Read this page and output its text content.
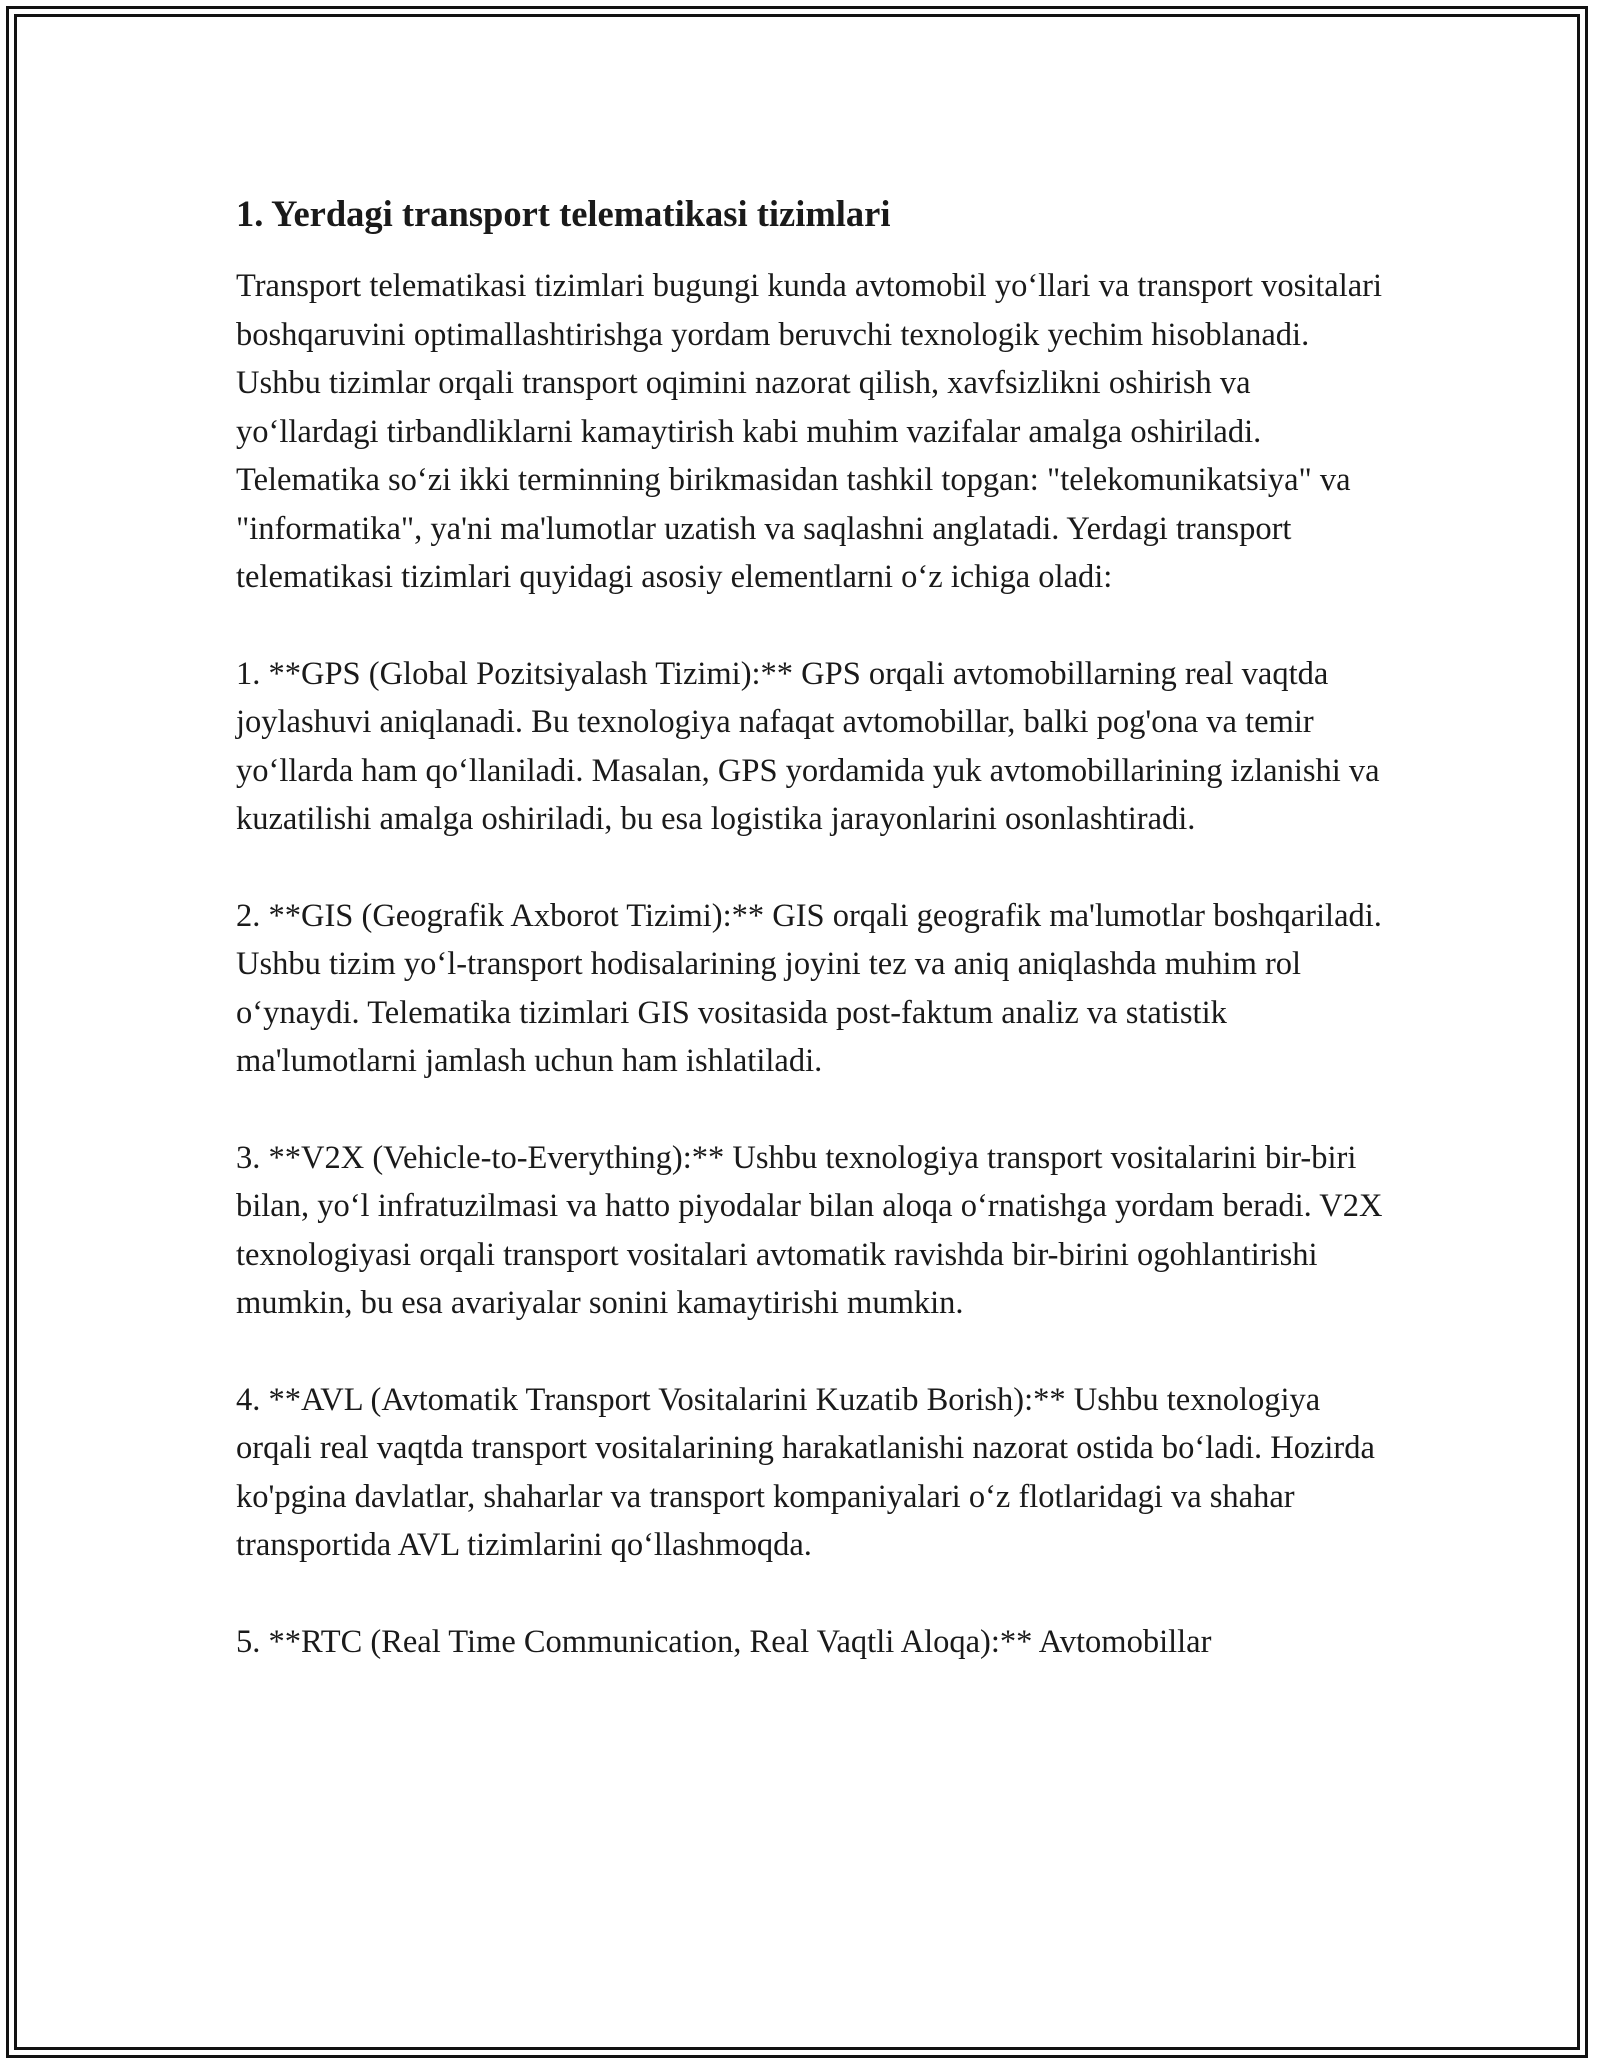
1. Yerdagi transport telematikasi tizimlari

Transport telematikasi tizimlari bugungi kunda avtomobil yo‘llari va transport vositalari boshqaruvini optimallashtirishga yordam beruvchi texnologik yechim hisoblanadi. Ushbu tizimlar orqali transport oqimini nazorat qilish, xavfsizlikni oshirish va yo‘llardagi tirbandliklarni kamaytirish kabi muhim vazifalar amalga oshiriladi. Telematika so‘zi ikki terminning birikmasidan tashkil topgan: "telekomunikatsiya" va "informatika", ya'ni ma'lumotlar uzatish va saqlashni anglatadi. Yerdagi transport telematikasi tizimlari quyidagi asosiy elementlarni o‘z ichiga oladi:

1. **GPS (Global Pozitsiyalash Tizimi):** GPS orqali avtomobillarning real vaqtda joylashuvi aniqlanadi. Bu texnologiya nafaqat avtomobillar, balki pog'ona va temir yo‘llarda ham qo‘llaniladi. Masalan, GPS yordamida yuk avtomobillarining izlanishi va kuzatilishi amalga oshiriladi, bu esa logistika jarayonlarini osonlashtiradi.

2. **GIS (Geografik Axborot Tizimi):** GIS orqali geografik ma'lumotlar boshqariladi. Ushbu tizim yo‘l-transport hodisalarining joyini tez va aniq aniqlashda muhim rol o‘ynaydi. Telematika tizimlari GIS vositasida post-faktum analiz va statistik ma'lumotlarni jamlash uchun ham ishlatiladi.

3. **V2X (Vehicle-to-Everything):** Ushbu texnologiya transport vositalarini bir-biri bilan, yo‘l infratuzilmasi va hatto piyodalar bilan aloqa o‘rnatishga yordam beradi. V2X texnologiyasi orqali transport vositalari avtomatik ravishda bir-birini ogohlantirishi mumkin, bu esa avariyalar sonini kamaytirishi mumkin.

4. **AVL (Avtomatik Transport Vositalarini Kuzatib Borish):** Ushbu texnologiya orqali real vaqtda transport vositalarining harakatlanishi nazorat ostida bo‘ladi. Hozirda ko'pgina davlatlar, shaharlar va transport kompaniyalari o‘z flotlaridagi va shahar transportida AVL tizimlarini qo‘llashmoqda.

5. **RTC (Real Time Communication, Real Vaqtli Aloqa):** Avtomobillar
